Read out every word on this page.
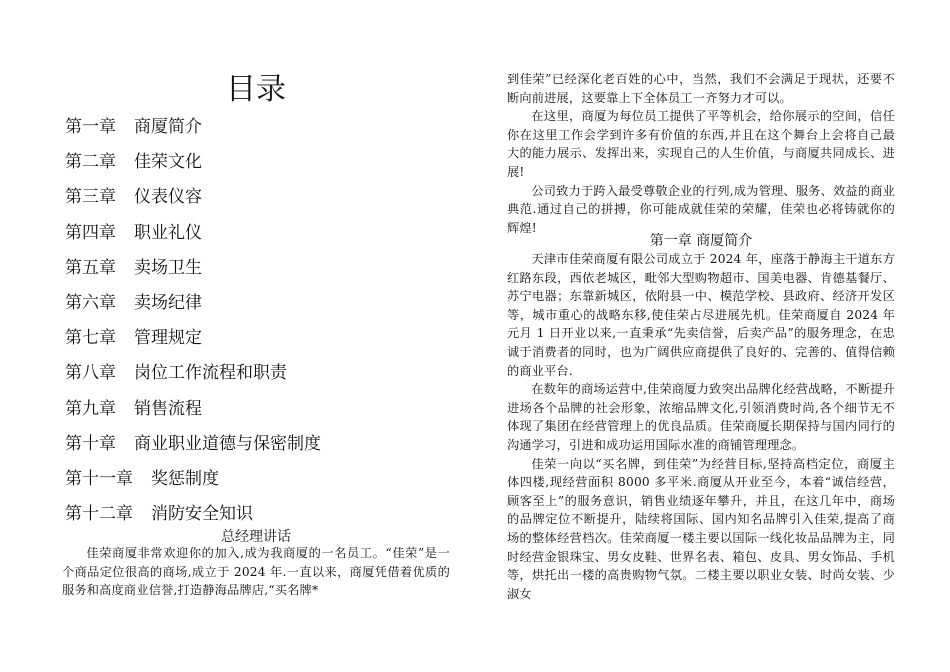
目录
第一章 商厦简介
第二章 佳荣文化
第三章 仪表仪容
第四章 职业礼仪
第五章 卖场卫生
第六章 卖场纪律
第七章 管理规定
第八章 岗位工作流程和职责
第九章 销售流程
第十章 商业职业道德与保密制度
第十一章 奖惩制度
第十二章 消防安全知识
总经理讲话

佳荣商厦非常欢迎你的加入,成为我商厦的一名员工。“佳荣”是一个商品定位很高的商场,成立于 2024 年.一直以来，商厦凭借着优质的服务和高度商业信誉,打造静海品牌店,“买名牌*

到佳荣”已经深化老百姓的心中，当然，我们不会满足于现状，还要不断向前进展，这要靠上下全体员工一齐努力才可以。

在这里，商厦为每位员工提供了平等机会，给你展示的空间，信任你在这里工作会学到许多有价值的东西,并且在这个舞台上会将自己最大的能力展示、发挥出来，实现自己的人生价值，与商厦共同成长、进展!

公司致力于跨入最受尊敬企业的行列,成为管理、服务、效益的商业典范.通过自己的拼搏，你可能成就佳荣的荣耀，佳荣也必将铸就你的辉煌!

第一章 商厦简介

天津市佳荣商厦有限公司成立于 2024 年，座落于静海主干道东方红路东段，西依老城区，毗邻大型购物超市、国美电器、肯德基餐厅、苏宁电器；东靠新城区，依附县一中、模范学校、县政府、经济开发区等，城市重心的战略东移,使佳荣占尽进展先机。佳荣商厦自 2024 年元月 1 日开业以来,一直秉承“先卖信誉，后卖产品”的服务理念，在忠诚于消费者的同时，也为广阔供应商提供了良好的、完善的、值得信赖的商业平台.

在数年的商场运营中,佳荣商厦力致突出品牌化经营战略，不断提升进场各个品牌的社会形象，浓缩品牌文化,引领消费时尚,各个细节无不体现了集团在经营管理上的优良品质。佳荣商厦长期保持与国内同行的沟通学习，引进和成功运用国际水准的商铺管理理念。

佳荣一向以“买名牌，到佳荣”为经营目标,坚持高档定位，商厦主体四楼,现经营面积 8000 多平米.商厦从开业至今，本着“诚信经营，顾客至上”的服务意识，销售业绩逐年攀升，并且，在这几年中，商场的品牌定位不断提升，陆续将国际、国内知名品牌引入佳荣,提高了商场的整体经营档次。佳荣商厦一楼主要以国际一线化妆品品牌为主，同时经营金银珠宝、男女皮鞋、世界名表、箱包、皮具、男女饰品、手机等，烘托出一楼的高贵购物气氛。二楼主要以职业女装、时尚女装、少淑女
